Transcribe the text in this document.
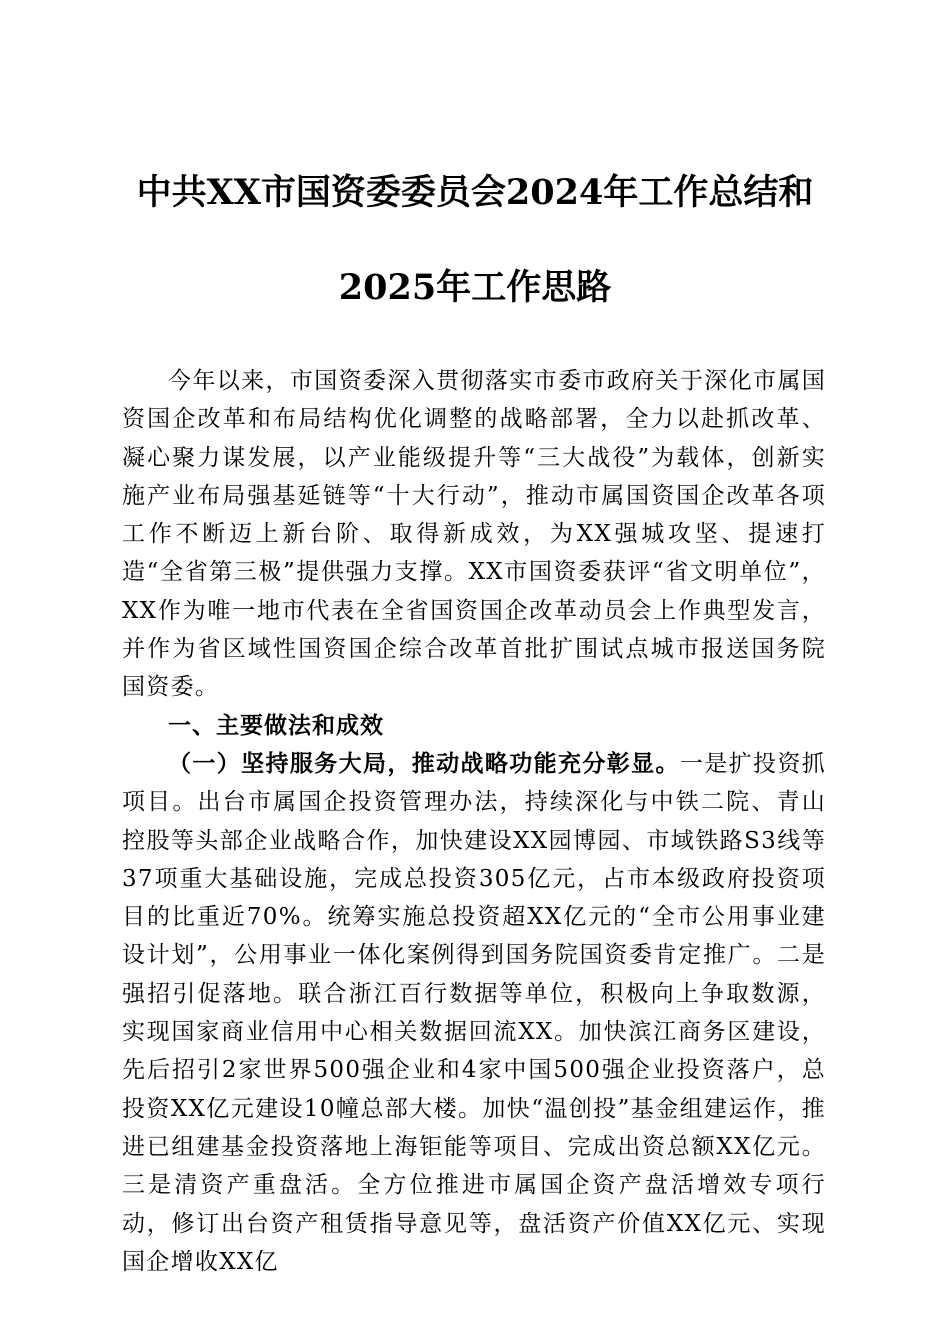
中共XX市国资委委员会2024年工作总结和
2025年工作思路

今年以来，市国资委深入贯彻落实市委市政府关于深化市属国资国企改革和布局结构优化调整的战略部署，全力以赴抓改革、凝心聚力谋发展，以产业能级提升等“三大战役”为载体，创新实施产业布局强基延链等“十大行动”，推动市属国资国企改革各项工作不断迈上新台阶、取得新成效，为XX强城攻坚、提速打造“全省第三极”提供强力支撑。XX市国资委获评“省文明单位”，XX作为唯一地市代表在全省国资国企改革动员会上作典型发言，并作为省区域性国资国企综合改革首批扩围试点城市报送国务院国资委。

一、主要做法和成效

（一）坚持服务大局，推动战略功能充分彰显。一是扩投资抓项目。出台市属国企投资管理办法，持续深化与中铁二院、青山控股等头部企业战略合作，加快建设XX园博园、市域铁路S3线等37项重大基础设施，完成总投资305亿元，占市本级政府投资项目的比重近70%。统筹实施总投资超XX亿元的“全市公用事业建设计划”，公用事业一体化案例得到国务院国资委肯定推广。二是强招引促落地。联合浙江百行数据等单位，积极向上争取数源，实现国家商业信用中心相关数据回流XX。加快滨江商务区建设，先后招引2家世界500强企业和4家中国500强企业投资落户，总投资XX亿元建设10幢总部大楼。加快“温创投”基金组建运作，推进已组建基金投资落地上海钜能等项目、完成出资总额XX亿元。三是清资产重盘活。全方位推进市属国企资产盘活增效专项行动，修订出台资产租赁指导意见等，盘活资产价值XX亿元、实现国企增收XX亿
